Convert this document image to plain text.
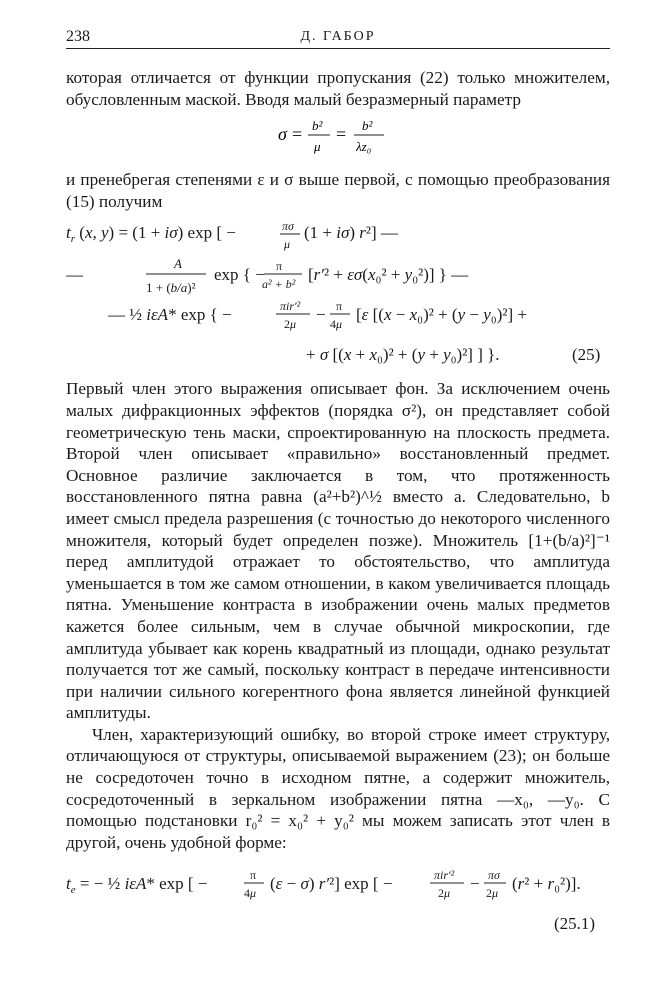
238	Д. ГАБОР

которая отличается от функции пропускания (22) только множителем, обусловленным маской. Вводя малый безразмерный параметр

σ = b²
μ
= b²
λz₀

и пренебрегая степенями ε и σ выше первой, с помощью преобразования (15) получим

$t_r$ (x, y) = (1 + iσ) exp [ −	πσ
μ
(1 + iσ) r²] —
—
A
1 + (b/a)²
exp { − π
a² + b² [r′² + εσ(x₀² + y₀²)] } —
— ½ iεA* exp { −	πir′²
2μ − π
4μ [ε [(x − x₀)² + (y − y₀)²] +
+ σ [(x + x₀)² + (y + y₀)²] ] }.	(25)

Первый член этого выражения описывает фон. За исключением очень малых дифракционных эффектов (порядка σ²), он представляет собой геометрическую тень маски, спроектированную на плоскость предмета. Второй член описывает «правильно» восстановленный предмет. Основное различие заключается в том, что протяженность восстановленного пятна равна (a²+b²)^½ вместо a. Следовательно, b имеет смысл предела разрешения (с точностью до некоторого численного множителя, который будет определен позже). Множитель [1+(b/a)²]⁻¹ перед амплитудой отражает то обстоятельство, что амплитуда уменьшается в том же самом отношении, в каком увеличивается площадь пятна. Уменьшение контраста в изображении очень малых предметов кажется более сильным, чем в случае обычной микроскопии, где амплитуда убывает как корень квадратный из площади, однако результат получается тот же самый, поскольку контраст в передаче интенсивности при наличии сильного когерентного фона является линейной функцией амплитуды.

Член, характеризующий ошибку, во второй строке имеет структуру, отличающуюся от структуры, описываемой выражением (23); он больше не сосредоточен точно в исходном пятне, а содержит множитель, сосредоточенный в зеркальном изображении пятна —x₀, —y₀. С помощью подстановки r₀² = x₀² + y₀² мы можем записать этот член в другой, очень удобной форме:

$t_e$ = − ½ iεA* exp [ −	π
4μ (ε − σ) r′²] exp [ −	πir′²
2μ − πσ
2μ (r² + r₀²)].
(25.1)
